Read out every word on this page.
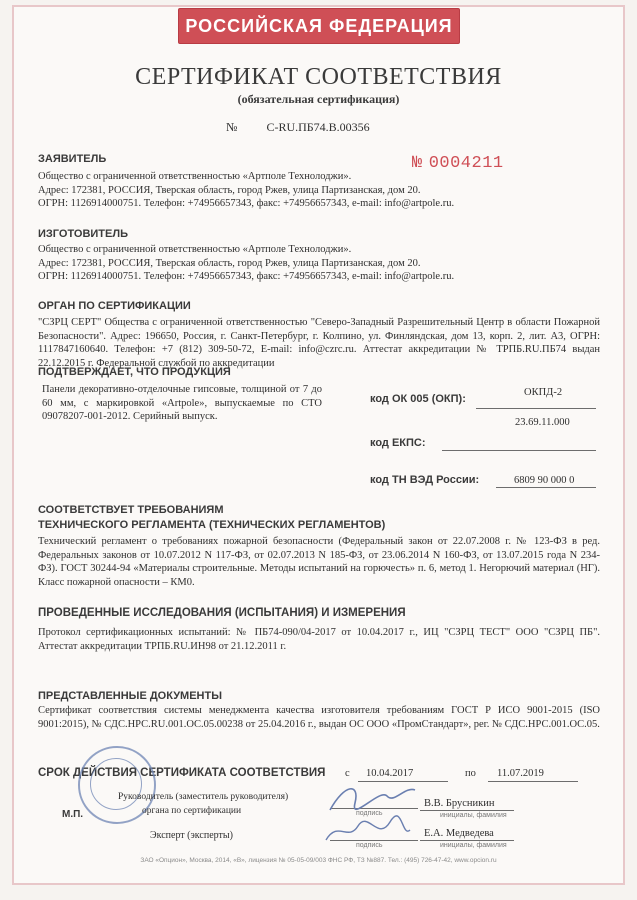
РОССИЙСКАЯ ФЕДЕРАЦИЯ
СЕРТИФИКАТ СООТВЕТСТВИЯ
(обязательная сертификация)
№ C-RU.ПБ74.В.00356
ЗАЯВИТЕЛЬ	№ 0004211
Общество с ограниченной ответственностью «Артполе Технолоджи».
Адрес: 172381, РОССИЯ, Тверская область, город Ржев, улица Партизанская, дом 20.
ОГРН: 1126914000751. Телефон: +74956657343, факс: +74956657343, e-mail: info@artpole.ru.
ИЗГОТОВИТЕЛЬ
Общество с ограниченной ответственностью «Артполе Технолоджи».
Адрес: 172381, РОССИЯ, Тверская область, город Ржев, улица Партизанская, дом 20.
ОГРН: 1126914000751. Телефон: +74956657343, факс: +74956657343, e-mail: info@artpole.ru.
ОРГАН ПО СЕРТИФИКАЦИИ
"СЗРЦ СЕРТ" Общества с ограниченной ответственностью "Северо-Западный Разрешительный Центр в области Пожарной Безопасности". Адрес: 196650, Россия, г. Санкт-Петербург, г. Колпино, ул. Финляндская, дом 13, корп. 2, лит. А3, ОГРН: 1117847160640. Телефон: +7 (812) 309-50-72, E-mail: info@czrc.ru. Аттестат аккредитации № ТРПБ.RU.ПБ74 выдан 22.12.2015 г. Федеральной службой по аккредитации
ПОДТВЕРЖДАЕТ, ЧТО ПРОДУКЦИЯ
Панели декоративно-отделочные гипсовые, толщиной от 7 до 60 мм, с маркировкой «Artpole», выпускаемые по СТО 09078207-001-2012. Серийный выпуск.
код ОК 005 (ОКП):
ОКПД-2
23.69.11.000
код ЕКПС:
код ТН ВЭД России:	6809 90 000 0
СООТВЕТСТВУЕТ ТРЕБОВАНИЯМ
ТЕХНИЧЕСКОГО РЕГЛАМЕНТА (ТЕХНИЧЕСКИХ РЕГЛАМЕНТОВ)
Технический регламент о требованиях пожарной безопасности (Федеральный закон от 22.07.2008 г. № 123-ФЗ в ред. Федеральных законов от 10.07.2012 N 117-ФЗ, от 02.07.2013 N 185-ФЗ, от 23.06.2014 N 160-ФЗ, от 13.07.2015 года N 234-ФЗ). ГОСТ 30244-94 «Материалы строительные. Методы испытаний на горючесть» п. 6, метод 1. Негорючий материал (НГ). Класс пожарной опасности – КМ0.
ПРОВЕДЕННЫЕ ИССЛЕДОВАНИЯ (ИСПЫТАНИЯ) И ИЗМЕРЕНИЯ
Протокол сертификационных испытаний: № ПБ74-090/04-2017 от 10.04.2017 г., ИЦ "СЗРЦ ТЕСТ" ООО "СЗРЦ ПБ". Аттестат аккредитации ТРПБ.RU.ИН98 от 21.12.2011 г.
ПРЕДСТАВЛЕННЫЕ ДОКУМЕНТЫ
Сертификат соответствия системы менеджмента качества изготовителя требованиям ГОСТ Р ИСО 9001-2015 (ISO 9001:2015), № СДС.НРС.RU.001.ОС.05.00238 от 25.04.2016 г., выдан ОС ООО «ПромСтандарт», рег. № СДС.НРС.001.ОС.05.
СРОК ДЕЙСТВИЯ СЕРТИФИКАТА СООТВЕТСТВИЯ с 10.04.2017	по 11.07.2019
Руководитель (заместитель руководителя)
органа по сертификации	подпись
В.В. Брусникин
инициалы, фамилия
М.П.
Эксперт (эксперты)
подпись
Е.А. Медведева
инициалы, фамилия
ЗАО «Опцион», Москва, 2014, «В», лицензия № 05-05-09/003 ФНС РФ, ТЗ №887. Тел.: (495) 726-47-42, www.opcion.ru
